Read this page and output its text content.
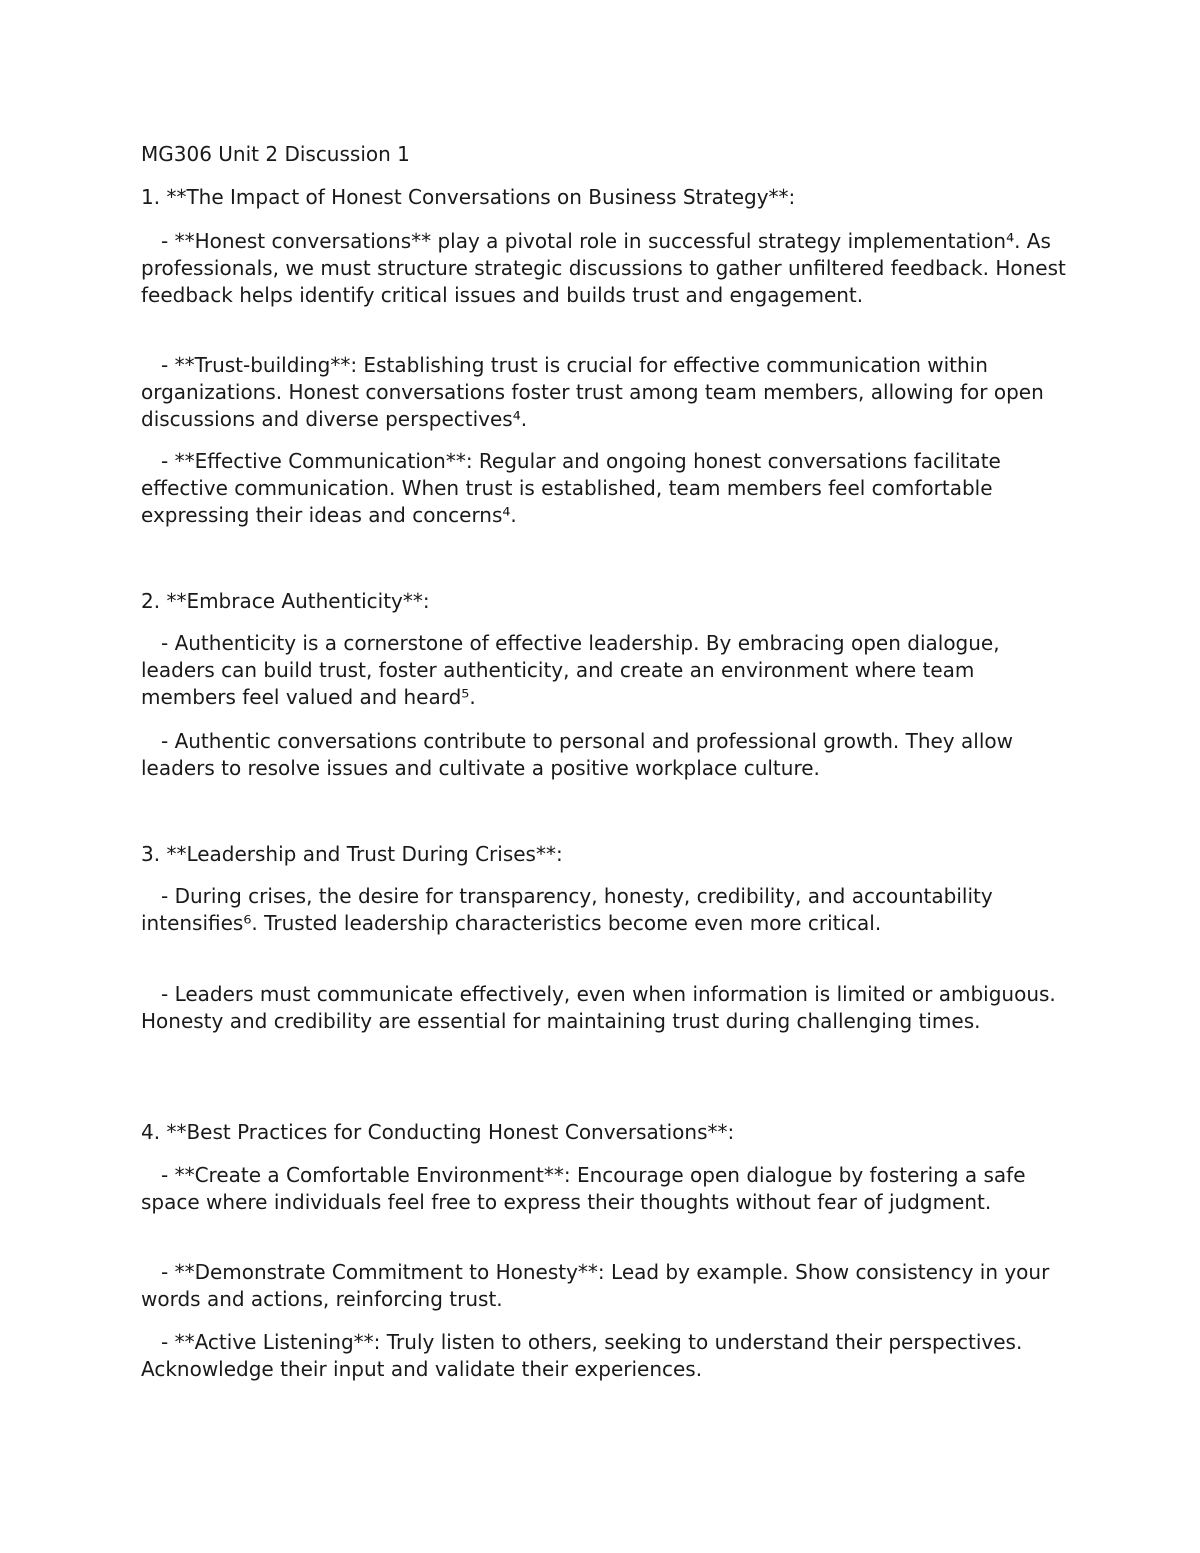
MG306 Unit 2 Discussion 1

1. **The Impact of Honest Conversations on Business Strategy**:

- **Honest conversations** play a pivotal role in successful strategy implementation⁴. As professionals, we must structure strategic discussions to gather unfiltered feedback. Honest feedback helps identify critical issues and builds trust and engagement.

- **Trust-building**: Establishing trust is crucial for effective communication within organizations. Honest conversations foster trust among team members, allowing for open discussions and diverse perspectives⁴.

- **Effective Communication**: Regular and ongoing honest conversations facilitate effective communication. When trust is established, team members feel comfortable expressing their ideas and concerns⁴.

2. **Embrace Authenticity**:

- Authenticity is a cornerstone of effective leadership. By embracing open dialogue, leaders can build trust, foster authenticity, and create an environment where team members feel valued and heard⁵.

- Authentic conversations contribute to personal and professional growth. They allow leaders to resolve issues and cultivate a positive workplace culture.

3. **Leadership and Trust During Crises**:

- During crises, the desire for transparency, honesty, credibility, and accountability intensifies⁶. Trusted leadership characteristics become even more critical.

- Leaders must communicate effectively, even when information is limited or ambiguous. Honesty and credibility are essential for maintaining trust during challenging times.

4. **Best Practices for Conducting Honest Conversations**:

- **Create a Comfortable Environment**: Encourage open dialogue by fostering a safe space where individuals feel free to express their thoughts without fear of judgment.

- **Demonstrate Commitment to Honesty**: Lead by example. Show consistency in your words and actions, reinforcing trust.

- **Active Listening**: Truly listen to others, seeking to understand their perspectives. Acknowledge their input and validate their experiences.
